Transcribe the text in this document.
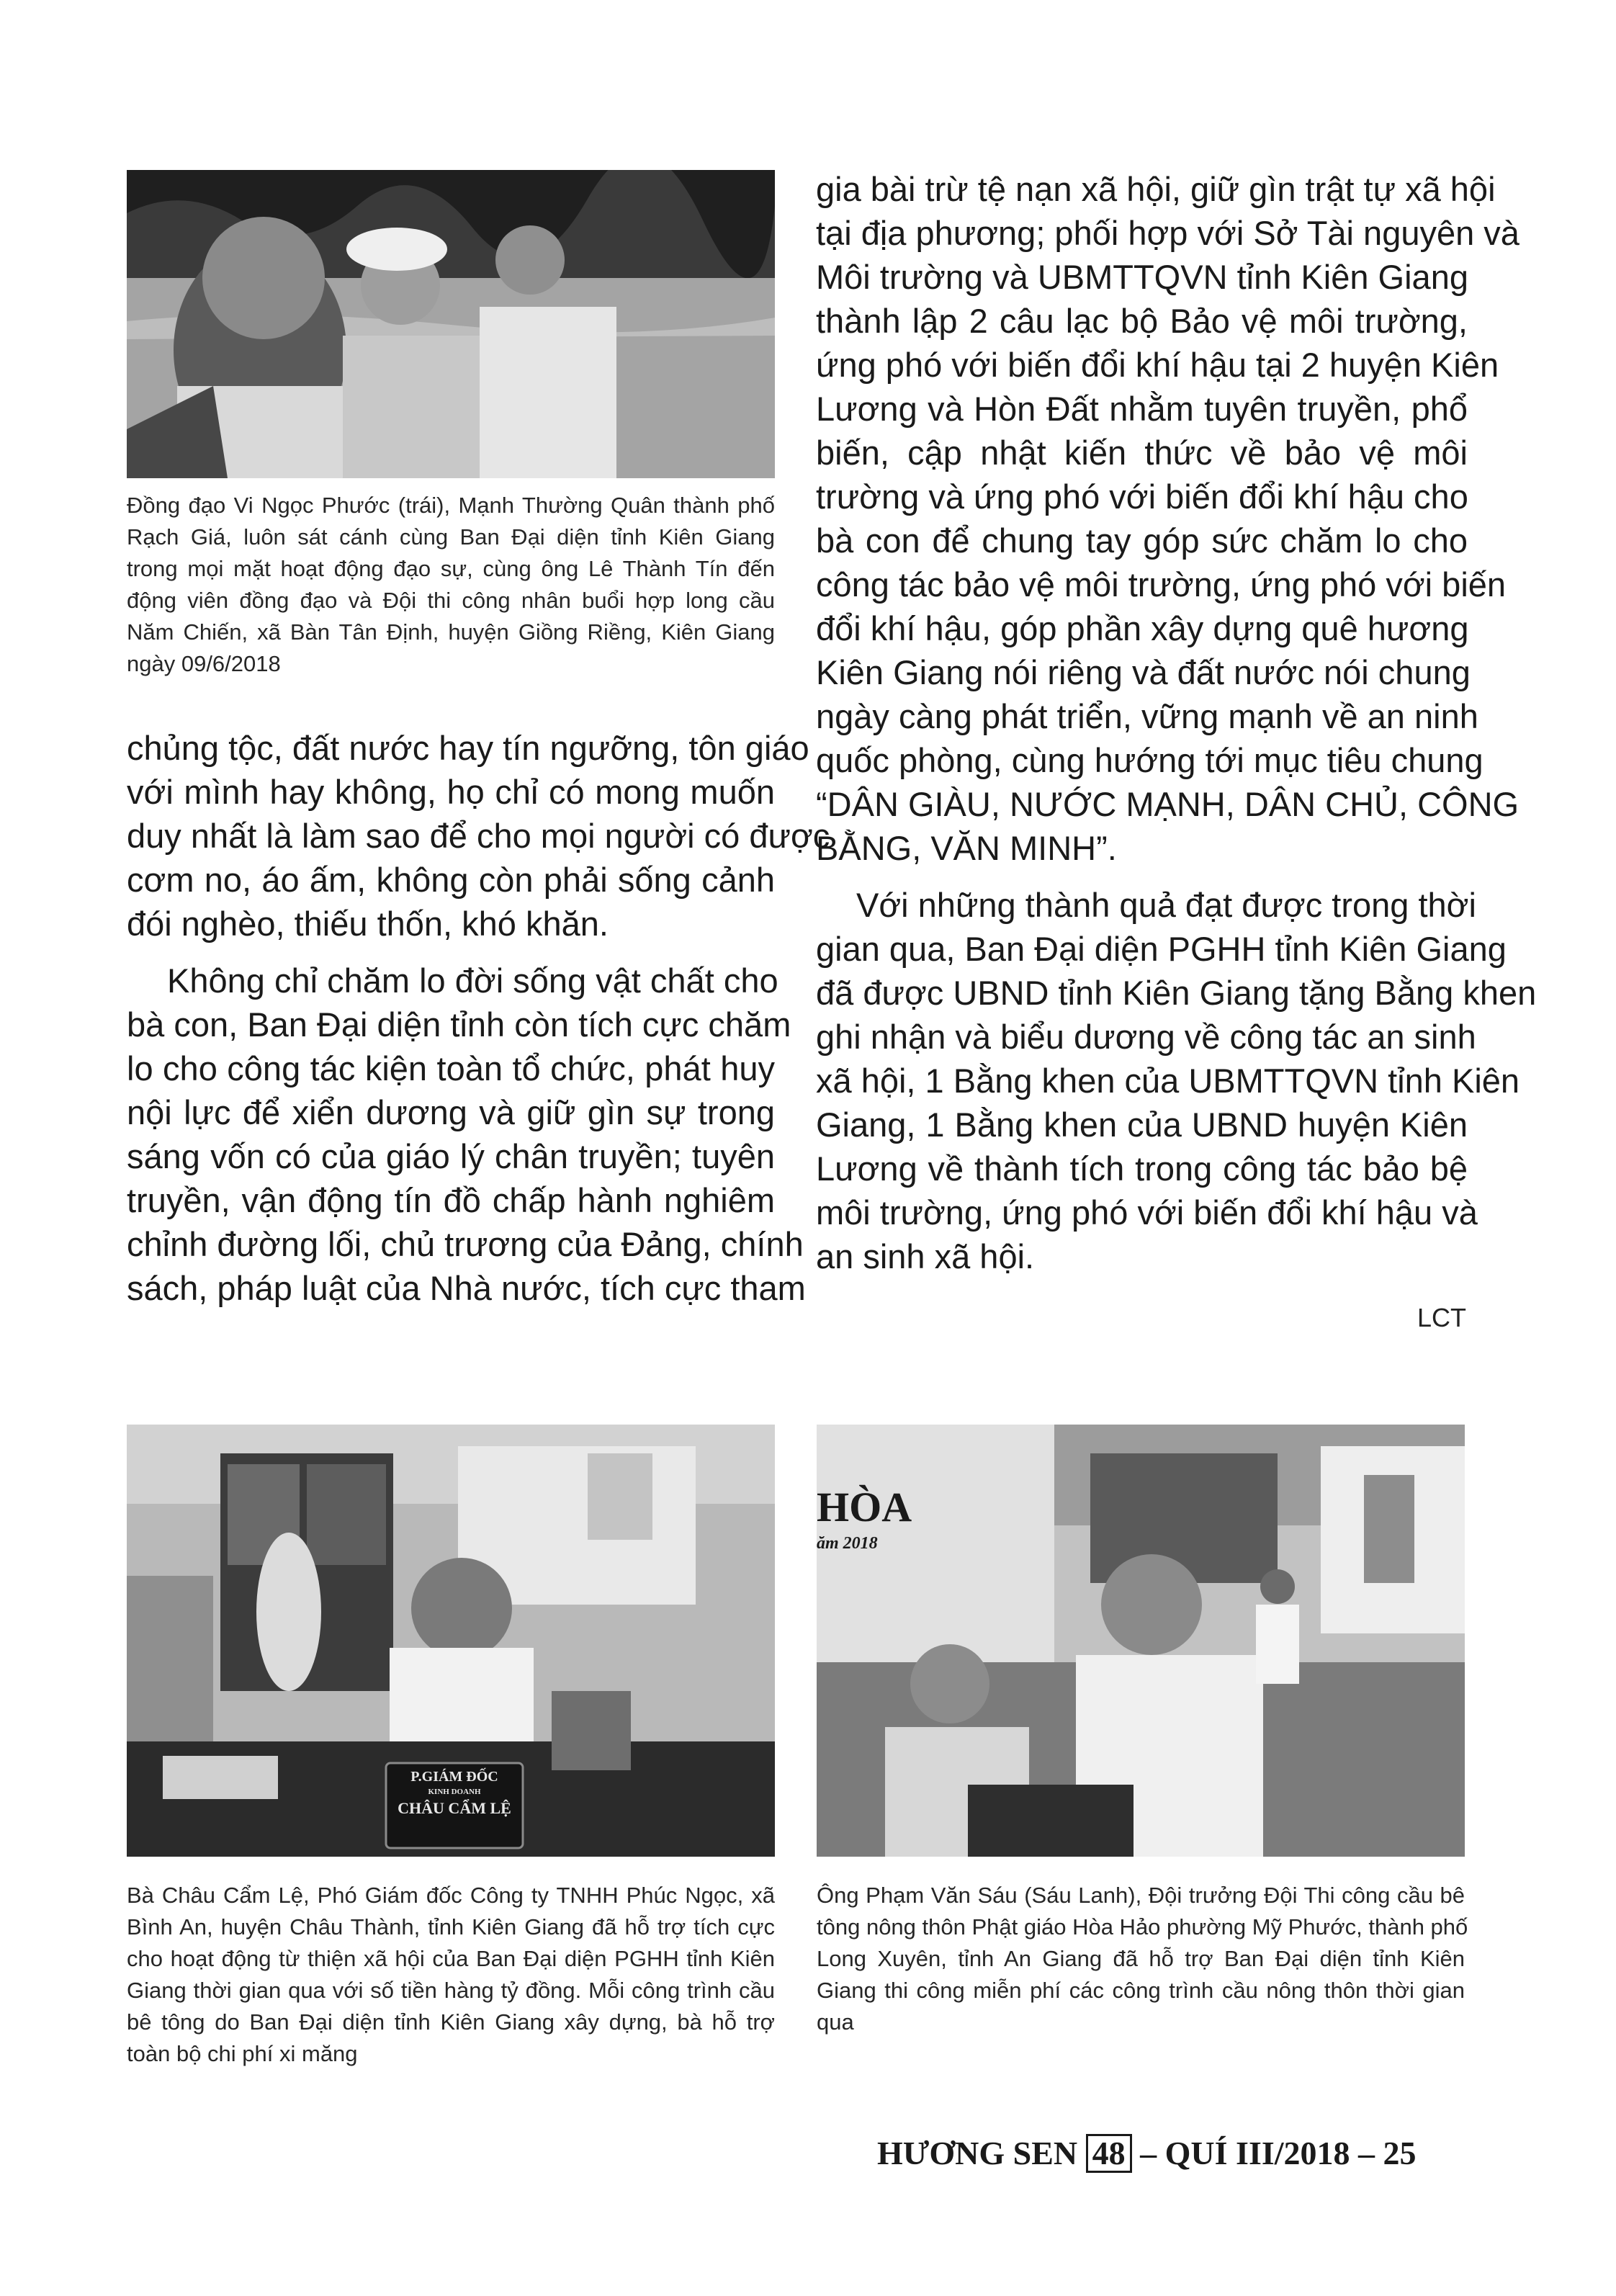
Đồng đạo Vi Ngọc Phước (trái), Mạnh Thường Quân thành phố
Rạch Giá, luôn sát cánh cùng Ban Đại diện tỉnh Kiên Giang
trong mọi mặt hoạt động đạo sự, cùng ông Lê Thành Tín đến
động viên đồng đạo và Đội thi công nhân buổi hợp long cầu
Năm Chiến, xã Bàn Tân Định, huyện Giồng Riềng, Kiên Giang
ngày 09/6/2018
chủng tộc, đất nước hay tín ngưỡng, tôn giáo
với mình hay không, họ chỉ có mong muốn
duy nhất là làm sao để cho mọi người có được
cơm no, áo ấm, không còn phải sống cảnh
đói nghèo, thiếu thốn, khó khăn.
Không chỉ chăm lo đời sống vật chất cho
bà con, Ban Đại diện tỉnh còn tích cực chăm
lo cho công tác kiện toàn tổ chức, phát huy
nội lực để xiển dương và giữ gìn sự trong
sáng vốn có của giáo lý chân truyền; tuyên
truyền, vận động tín đồ chấp hành nghiêm
chỉnh đường lối, chủ trương của Đảng, chính
sách, pháp luật của Nhà nước, tích cực tham
gia bài trừ tệ nạn xã hội, giữ gìn trật tự xã hội
tại địa phương; phối hợp với Sở Tài nguyên và
Môi trường và UBMTTQVN tỉnh Kiên Giang
thành lập 2 câu lạc bộ Bảo vệ môi trường,
ứng phó với biến đổi khí hậu tại 2 huyện Kiên
Lương và Hòn Đất nhằm tuyên truyền, phổ
biến, cập nhật kiến thức về bảo vệ môi
trường và ứng phó với biến đổi khí hậu cho
bà con để chung tay góp sức chăm lo cho
công tác bảo vệ môi trường, ứng phó với biến
đổi khí hậu, góp phần xây dựng quê hương
Kiên Giang nói riêng và đất nước nói chung
ngày càng phát triển, vững mạnh về an ninh
quốc phòng, cùng hướng tới mục tiêu chung
“DÂN GIÀU, NƯỚC MẠNH, DÂN CHỦ, CÔNG
BẰNG, VĂN MINH”.
Với những thành quả đạt được trong thời
gian qua, Ban Đại diện PGHH tỉnh Kiên Giang
đã được UBND tỉnh Kiên Giang tặng Bằng khen
ghi nhận và biểu dương về công tác an sinh
xã hội, 1 Bằng khen của UBMTTQVN tỉnh Kiên
Giang, 1 Bằng khen của UBND huyện Kiên
Lương về thành tích trong công tác bảo bệ
môi trường, ứng phó với biến đổi khí hậu và
an sinh xã hội.
LCT
P.GIÁM ĐỐC
KINH DOANH
CHÂU CẨM LỆ
HÒA
ăm 2018
Bà Châu Cẩm Lệ, Phó Giám đốc Công ty TNHH Phúc Ngọc, xã
Bình An, huyện Châu Thành, tỉnh Kiên Giang đã hỗ trợ tích cực
cho hoạt động từ thiện xã hội của Ban Đại diện PGHH tỉnh Kiên
Giang thời gian qua với số tiền hàng tỷ đồng. Mỗi công trình cầu
bê tông do Ban Đại diện tỉnh Kiên Giang xây dựng, bà hỗ trợ
toàn bộ chi phí xi măng
Ông Phạm Văn Sáu (Sáu Lanh), Đội trưởng Đội Thi công cầu bê
tông nông thôn Phật giáo Hòa Hảo phường Mỹ Phước, thành phố
Long Xuyên, tỉnh An Giang đã hỗ trợ Ban Đại diện tỉnh Kiên
Giang thi công miễn phí các công trình cầu nông thôn thời gian
qua
HƯƠNG SEN 48 – QUÍ III/2018 – 25
